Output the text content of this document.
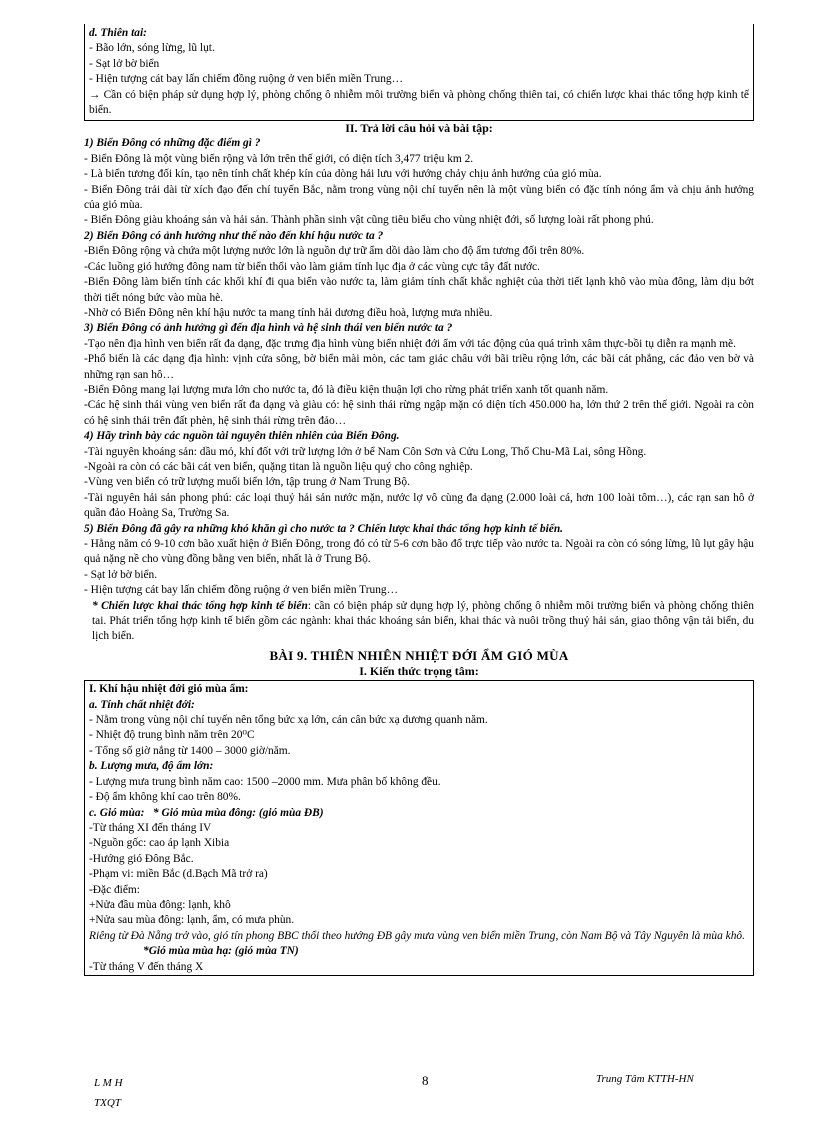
d. Thiên tai:

- Bão lớn, sóng lừng, lũ lụt.

- Sạt lở bờ biển

- Hiện tượng cát bay lấn chiếm đồng ruộng ở ven biển miền Trung…

→ Cần có biện pháp sử dụng hợp lý, phòng chống ô nhiễm môi trường biển và phòng chống thiên tai, có chiến lược khai thác tổng hợp kinh tế biển.

II. Trả lời câu hỏi và bài tập:

1) Biển Đông có những đặc điểm gì ?

- Biển Đông là một vùng biển rộng và lớn trên thế giới, có diện tích 3,477 triệu km 2.

- Là biển tương đối kín, tạo nên tính chất khép kín của dòng hải lưu với hướng chảy chịu ảnh hưởng của gió mùa.

- Biển Đông trải dài từ xích đạo đến chí tuyến Bắc, nằm trong vùng nội chí tuyến nên là một vùng biển có đặc tính nóng ẩm và chịu ảnh hưởng của gió mùa.

- Biển Đông giàu khoáng sản và hải sản. Thành phần sinh vật cũng tiêu biểu cho vùng nhiệt đới, số lượng loài rất phong phú.

2) Biển Đông có ảnh hưởng như thế nào đến khí hậu nước ta ?

-Biển Đông rộng và chứa một lượng nước lớn là nguồn dự trữ ẩm dồi dào làm cho độ ẩm tương đối trên 80%.

-Các luồng gió hướng đông nam từ biển thổi vào làm giảm tính lục địa ở các vùng cực tây đất nước.

-Biển Đông làm biến tính các khối khí đi qua biển vào nước ta, làm giảm tính chất khắc nghiệt của thời tiết lạnh khô vào mùa đông, làm dịu bớt thời tiết nóng bức vào mùa hè.

-Nhờ có Biển Đông nên khí hậu nước ta mang tính hải dương điều hoà, lượng mưa nhiều.

3) Biển Đông có ảnh hưởng gì đến địa hình và hệ sinh thái ven biển nước ta ?

-Tạo nên địa hình ven biển rất đa dạng, đặc trưng địa hình vùng biển nhiệt đới ẩm với tác động của quá trình xâm thực-bồi tụ diễn ra mạnh mẽ.

-Phổ biến là các dạng địa hình: vịnh cửa sông, bờ biển mài mòn, các tam giác châu với bãi triều rộng lớn, các bãi cát phẳng, các đảo ven bờ và những rạn san hô…

-Biển Đông mang lại lượng mưa lớn cho nước ta, đó là điều kiện thuận lợi cho rừng phát triển xanh tốt quanh năm.

-Các hệ sinh thái vùng ven biển rất đa dạng và giàu có: hệ sinh thái rừng ngập mặn có diện tích 450.000 ha, lớn thứ 2 trên thế giới. Ngoài ra còn có hệ sinh thái trên đất phèn, hệ sinh thái rừng trên đảo…

4) Hãy trình bày các nguồn tài nguyên thiên nhiên của Biển Đông.

-Tài nguyên khoáng sản: dầu mỏ, khí đốt với trữ lượng lớn ở bể Nam Côn Sơn và Cửu Long, Thổ Chu-Mã Lai, sông Hồng.

-Ngoài ra còn có các bãi cát ven biển, quặng titan là nguồn liệu quý cho công nghiệp.

-Vùng ven biển có trữ lượng muối biển lớn, tập trung ở Nam Trung Bộ.

-Tài nguyên hải sản phong phú: các loại thuỷ hải sản nước mặn, nước lợ vô cùng đa dạng (2.000 loài cá, hơn 100 loài tôm…), các rạn san hô ở quần đảo Hoàng Sa, Trường Sa.

5) Biển Đông đã gây ra những khó khăn gì cho nước ta ? Chiến lược khai thác tổng hợp kinh tế biển.

- Hằng năm có 9-10 cơn bão xuất hiện ở Biển Đông, trong đó có từ 5-6 cơn bão đổ trực tiếp vào nước ta. Ngoài ra còn có sóng lừng, lũ lụt gây hậu quả nặng nề cho vùng đồng bằng ven biển, nhất là ở Trung Bộ.

- Sạt lở bờ biển.

- Hiện tượng cát bay lấn chiếm đồng ruộng ở ven biển miền Trung…

* Chiến lược khai thác tổng hợp kinh tế biển: cần có biện pháp sử dụng hợp lý, phòng chống ô nhiễm môi trường biển và phòng chống thiên tai. Phát triển tổng hợp kinh tế biển gồm các ngành: khai thác khoáng sản biển, khai thác và nuôi trồng thuỷ hải sản, giao thông vận tải biển, du lịch biển.

BÀI 9. THIÊN NHIÊN NHIỆT ĐỚI ẨM GIÓ MÙA

I. Kiến thức trọng tâm:

I. Khí hậu nhiệt đới gió mùa ẩm:

a. Tính chất nhiệt đới:

- Nằm trong vùng nội chí tuyến nên tổng bức xạ lớn, cán cân bức xạ dương quanh năm.

- Nhiệt độ trung bình năm trên 20⁰C

- Tổng số giờ nắng từ 1400 – 3000 giờ/năm.

b. Lượng mưa, độ ẩm lớn:

- Lượng mưa trung bình năm cao: 1500 –2000 mm. Mưa phân bố không đều.

- Độ ẩm không khí cao trên 80%.

c. Gió mùa: * Gió mùa mùa đông: (gió mùa ĐB)

-Từ tháng XI đến tháng IV

-Nguồn gốc: cao áp lạnh Xibia

-Hướng gió Đông Bắc.

-Phạm vi: miền Bắc (d.Bạch Mã trở ra)

-Đặc điểm:

+Nửa đầu mùa đông: lạnh, khô

+Nửa sau mùa đông: lạnh, ẩm, có mưa phùn.

Riêng từ Đà Nẵng trở vào, gió tín phong BBC thổi theo hướng ĐB gây mưa vùng ven biển miền Trung, còn Nam Bộ và Tây Nguyên là mùa khô.

*Gió mùa mùa hạ: (gió mùa TN)

-Từ tháng V đến tháng X

L M H
TXQT
8	Trung Tâm KTTH-HN
